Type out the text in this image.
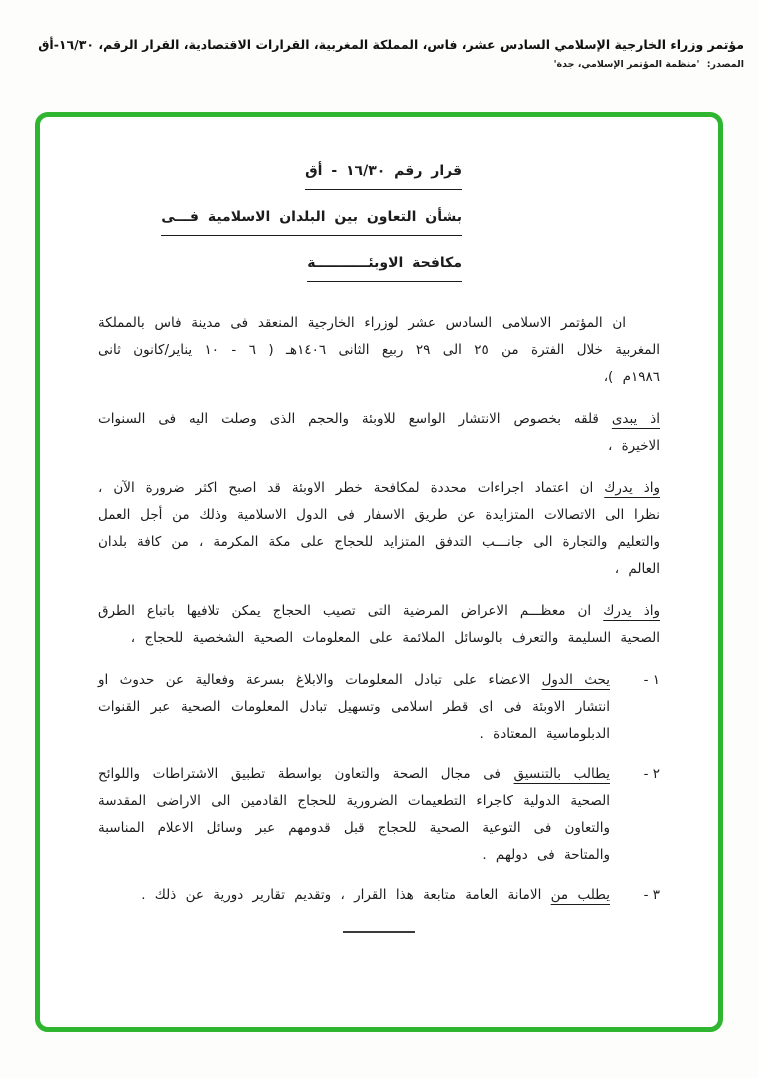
مؤتمر وزراء الخارجية الإسلامي السادس عشر، فاس، المملكة المغربية، القرارات الاقتصادية، القرار الرقم، ١٦/٣٠-أق
المصدر: 'منظمة المؤتمر الإسلامي، جدة'
قرار رقم ١٦/٣٠ - أق
بشأن التعاون بين البلدان الاسلامية فـــى
مكافحة الاوبئـــــــــــة

ان المؤتمر الاسلامى السادس عشر لوزراء الخارجية المنعقد فى مدينة فاس بالمملكة المغربية خلال الفترة من ٢٥ الى ٢٩ ربيع الثانى ١٤٠٦هـ ( ٦ - ١٠ يناير/كانون ثانى ١٩٨٦م )،

اذ يبدى قلقه بخصوص الانتشار الواسع للاوبئة والحجم الذى وصلت اليه فى السنوات الاخيرة ،

واذ يدرك ان اعتماد اجراءات محددة لمكافحة خطر الاوبئة قد اصبح اكثر ضرورة الآن ، نظرا الى الاتصالات المتزايدة عن طريق الاسفار فى الدول الاسلامية وذلك من أجل العمل والتعليم والتجارة الى جانـــب التدفق المتزايد للحجاج على مكة المكرمة ، من كافة بلدان العالم ،

واذ يدرك ان معظـــم الاعراض المرضية التى تصيب الحجاج يمكن تلافيها باتباع الطرق الصحية السليمة والتعرف بالوسائل الملائمة على المعلومات الصحية الشخصية للحجاج ،

١ -

يحث الدول الاعضاء على تبادل المعلومات والابلاغ بسرعة وفعالية عن حدوث او انتشار الاوبئة فى اى قطر اسلامى وتسهيل تبادل المعلومات الصحية عبر القنوات الدبلوماسية المعتادة .

٢ -

يطالب بالتنسيق فى مجال الصحة والتعاون بواسطة تطبيق الاشتراطات واللوائح الصحية الدولية كاجراء التطعيمات الضرورية للحجاج القادمين الى الاراضى المقدسة والتعاون فى التوعية الصحية للحجاج قبل قدومهم عبر وسائل الاعلام المناسبة والمتاحة فى دولهم .

٣ -

يطلب من الامانة العامة متابعة هذا القرار ، وتقديم تقارير دورية عن ذلك .
